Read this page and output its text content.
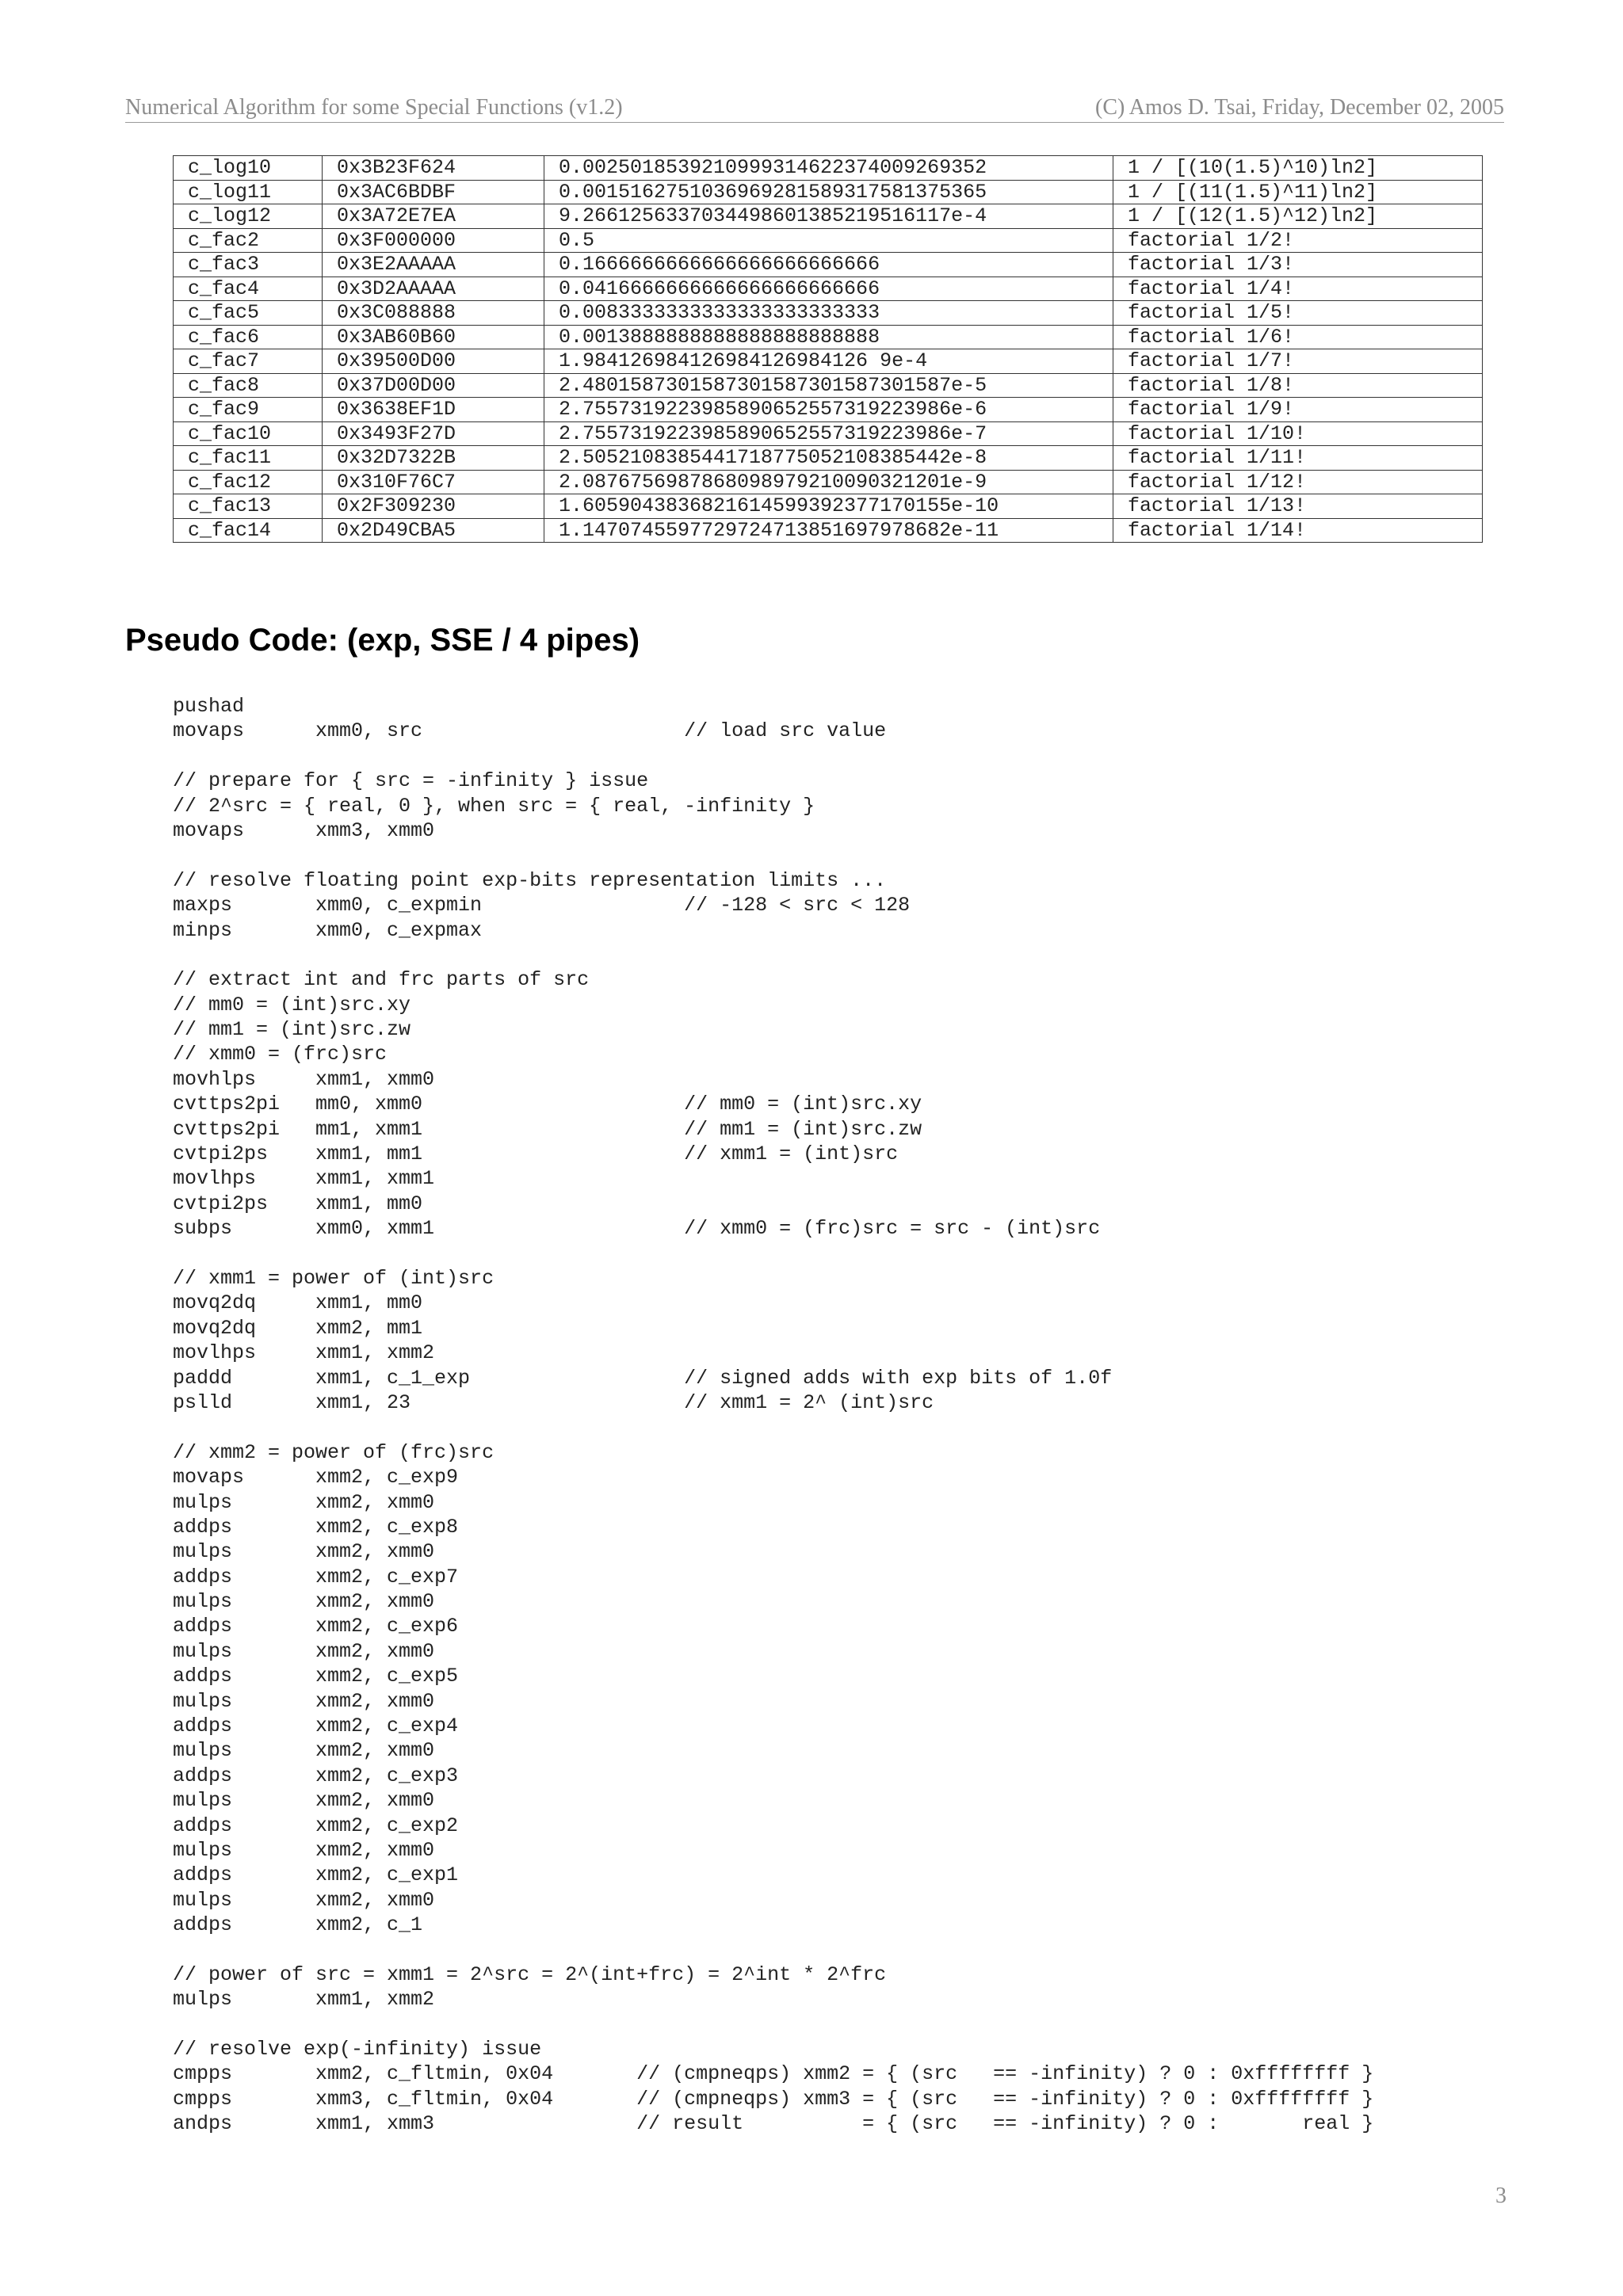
Numerical Algorithm for some Special Functions (v1.2)	(C) Amos D. Tsai, Friday, December 02, 2005
c_log10	0x3B23F624	0.0025018539210999314622374009269352	1 / [(10(1.5)^10)ln2]
c_log11	0x3AC6BDBF	0.0015162751036969281589317581375365	1 / [(11(1.5)^11)ln2]
c_log12	0x3A72E7EA	9.2661256337034498601385219516117e-4	1 / [(12(1.5)^12)ln2]
c_fac2	0x3F000000	0.5	factorial 1/2!
c_fac3	0x3E2AAAAA	0.1666666666666666666666666	factorial 1/3!
c_fac4	0x3D2AAAAA	0.0416666666666666666666666	factorial 1/4!
c_fac5	0x3C088888	0.0083333333333333333333333	factorial 1/5!
c_fac6	0x3AB60B60	0.0013888888888888888888888	factorial 1/6!
c_fac7	0x39500D00	1.984126984126984126984126 9e-4	factorial 1/7!
c_fac8	0x37D00D00	2.4801587301587301587301587301587e-5	factorial 1/8!
c_fac9	0x3638EF1D	2.7557319223985890652557319223986e-6	factorial 1/9!
c_fac10	0x3493F27D	2.7557319223985890652557319223986e-7	factorial 1/10!
c_fac11	0x32D7322B	2.5052108385441718775052108385442e-8	factorial 1/11!
c_fac12	0x310F76C7	2.0876756987868098979210090321201e-9	factorial 1/12!
c_fac13	0x2F309230	1.6059043836821614599392377170155e-10	factorial 1/13!
c_fac14	0x2D49CBA5	1.1470745597729724713851697978682e-11	factorial 1/14!
Pseudo Code: (exp, SSE / 4 pipes)
pushad
movaps      xmm0, src                      // load src value
// prepare for { src = -infinity } issue
// 2^src = { real, 0 }, when src = { real, -infinity }
movaps      xmm3, xmm0
// resolve floating point exp-bits representation limits ...
maxps       xmm0, c_expmin                 // -128 < src < 128
minps       xmm0, c_expmax
// extract int and frc parts of src
// mm0 = (int)src.xy
// mm1 = (int)src.zw
// xmm0 = (frc)src
movhlps     xmm1, xmm0
cvttps2pi   mm0, xmm0                      // mm0 = (int)src.xy
cvttps2pi   mm1, xmm1                      // mm1 = (int)src.zw
cvtpi2ps    xmm1, mm1                      // xmm1 = (int)src
movlhps     xmm1, xmm1
cvtpi2ps    xmm1, mm0
subps       xmm0, xmm1                     // xmm0 = (frc)src = src - (int)src
// xmm1 = power of (int)src
movq2dq     xmm1, mm0
movq2dq     xmm2, mm1
movlhps     xmm1, xmm2
paddd       xmm1, c_1_exp                  // signed adds with exp bits of 1.0f
pslld       xmm1, 23                       // xmm1 = 2^ (int)src
// xmm2 = power of (frc)src
movaps      xmm2, c_exp9
mulps       xmm2, xmm0
addps       xmm2, c_exp8
mulps       xmm2, xmm0
addps       xmm2, c_exp7
mulps       xmm2, xmm0
addps       xmm2, c_exp6
mulps       xmm2, xmm0
addps       xmm2, c_exp5
mulps       xmm2, xmm0
addps       xmm2, c_exp4
mulps       xmm2, xmm0
addps       xmm2, c_exp3
mulps       xmm2, xmm0
addps       xmm2, c_exp2
mulps       xmm2, xmm0
addps       xmm2, c_exp1
mulps       xmm2, xmm0
addps       xmm2, c_1
// power of src = xmm1 = 2^src = 2^(int+frc) = 2^int * 2^frc
mulps       xmm1, xmm2
// resolve exp(-infinity) issue
cmpps       xmm2, c_fltmin, 0x04       // (cmpneqps) xmm2 = { (src   == -infinity) ? 0 : 0xffffffff }
cmpps       xmm3, c_fltmin, 0x04       // (cmpneqps) xmm3 = { (src   == -infinity) ? 0 : 0xffffffff }
andps       xmm1, xmm3                 // result          = { (src   == -infinity) ? 0 :       real }
3
